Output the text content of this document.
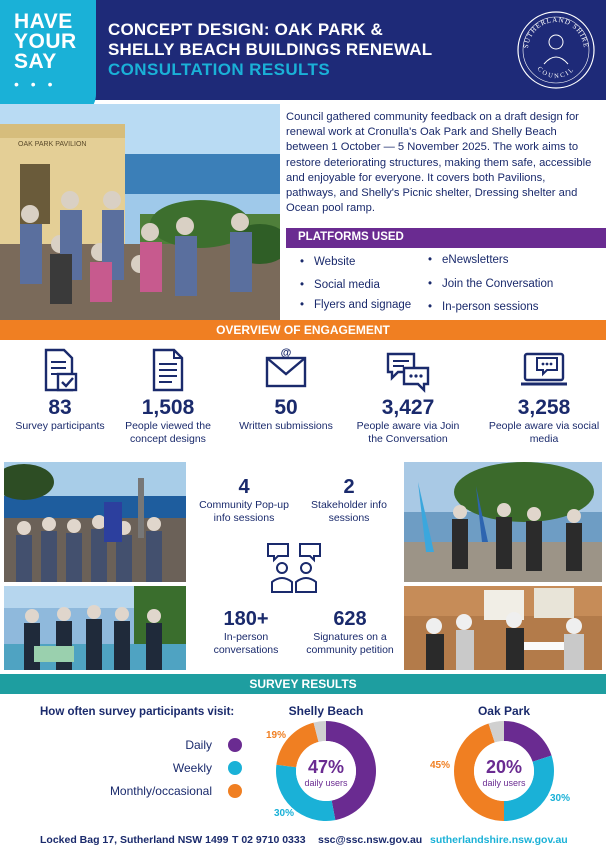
HAVE
YOUR
SAY
• • •
CONCEPT DESIGN: OAK PARK &
SHELLY BEACH BUILDINGS RENEWAL
CONSULTATION RESULTS
SUTHERLAND SHIRE
COUNCIL
OAK PARK PAVILION
Council gathered community feedback on a draft design for renewal work at Cronulla's Oak Park and Shelly Beach between 1 October — 5 November 2025. The work aims to restore deteriorating structures, making them safe, accessible and enjoyable for everyone. It covers both Pavilions, pathways, and Shelly's Picnic shelter, Dressing shelter and Ocean pool ramp.
PLATFORMS USED
• Website
• Social media
• Flyers and signage
• eNewsletters
• Join the Conversation
• In-person sessions
OVERVIEW OF ENGAGEMENT
83
Survey participants
1,508
People viewed the concept designs
@
50
Written submissions
3,427
People aware via Join the Conversation
3,258
People aware via social media
4
Community Pop-up info sessions
2
Stakeholder info sessions
180+
In-person conversations
628
Signatures on a community petition
SURVEY RESULTS
How often survey participants visit:
Daily
Weekly
Monthly/occasional
Shelly Beach
47%
daily users
Oak Park
20%
daily users
19%
30%
45%
30%
Locked Bag 17, Sutherland NSW 1499 T 02 9710 0333 ssc@ssc.nsw.gov.au sutherlandshire.nsw.gov.au
